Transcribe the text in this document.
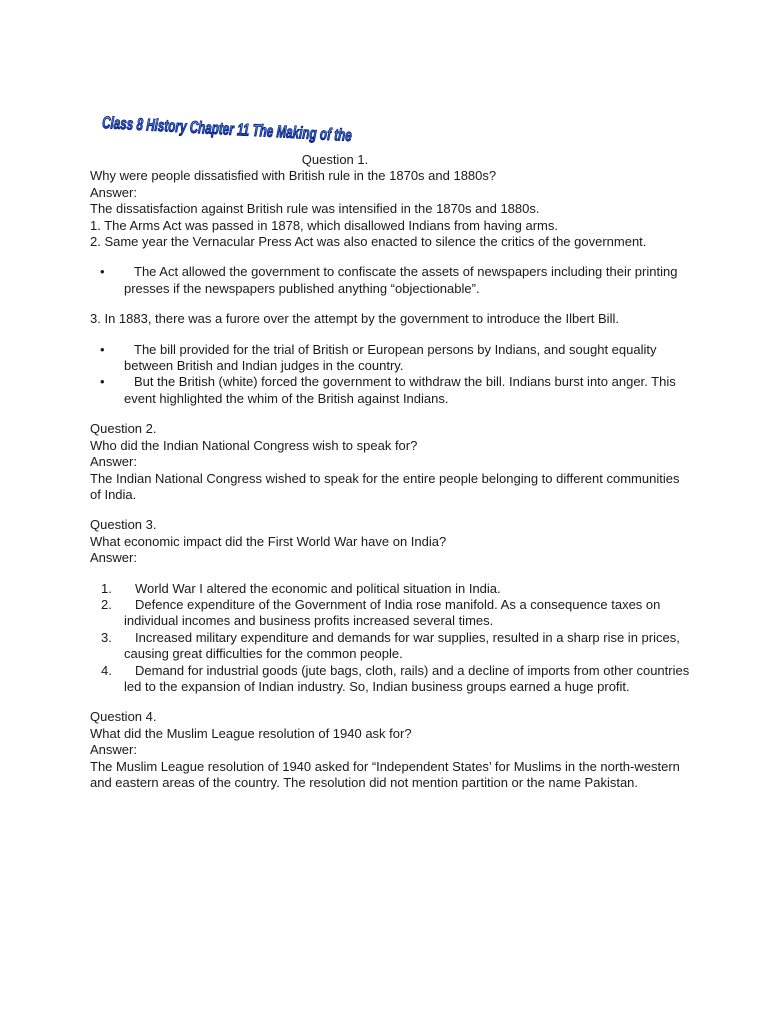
Class 8 History Chapter 11 The Making of the
Question 1.
Why were people dissatisfied with British rule in the 1870s and 1880s?
Answer:
The dissatisfaction against British rule was intensified in the 1870s and 1880s.
1. The Arms Act was passed in 1878, which disallowed Indians from having arms.
2. Same year the Vernacular Press Act was also enacted to silence the critics of the government.
•	The Act allowed the government to confiscate the assets of newspapers including their printing presses if the newspapers published anything “objectionable”.
3. In 1883, there was a furore over the attempt by the government to introduce the Ilbert Bill.
•	The bill provided for the trial of British or European persons by Indians, and sought equality between British and Indian judges in the country.
•	But the British (white) forced the government to withdraw the bill. Indians burst into anger. This event highlighted the whim of the British against Indians.
Question 2.
Who did the Indian National Congress wish to speak for?
Answer:
The Indian National Congress wished to speak for the entire people belonging to different communities of India.
Question 3.
What economic impact did the First World War have on India?
Answer:
1.	World War I altered the economic and political situation in India.
2.	Defence expenditure of the Government of India rose manifold. As a consequence taxes on individual incomes and business profits increased several times.
3.	Increased military expenditure and demands for war supplies, resulted in a sharp rise in prices, causing great difficulties for the common people.
4.	Demand for industrial goods (jute bags, cloth, rails) and a decline of imports from other countries led to the expansion of Indian industry. So, Indian business groups earned a huge profit.
Question 4.
What did the Muslim League resolution of 1940 ask for?
Answer:
The Muslim League resolution of 1940 asked for “Independent States’ for Muslims in the north-western and eastern areas of the country. The resolution did not mention partition or the name Pakistan.
